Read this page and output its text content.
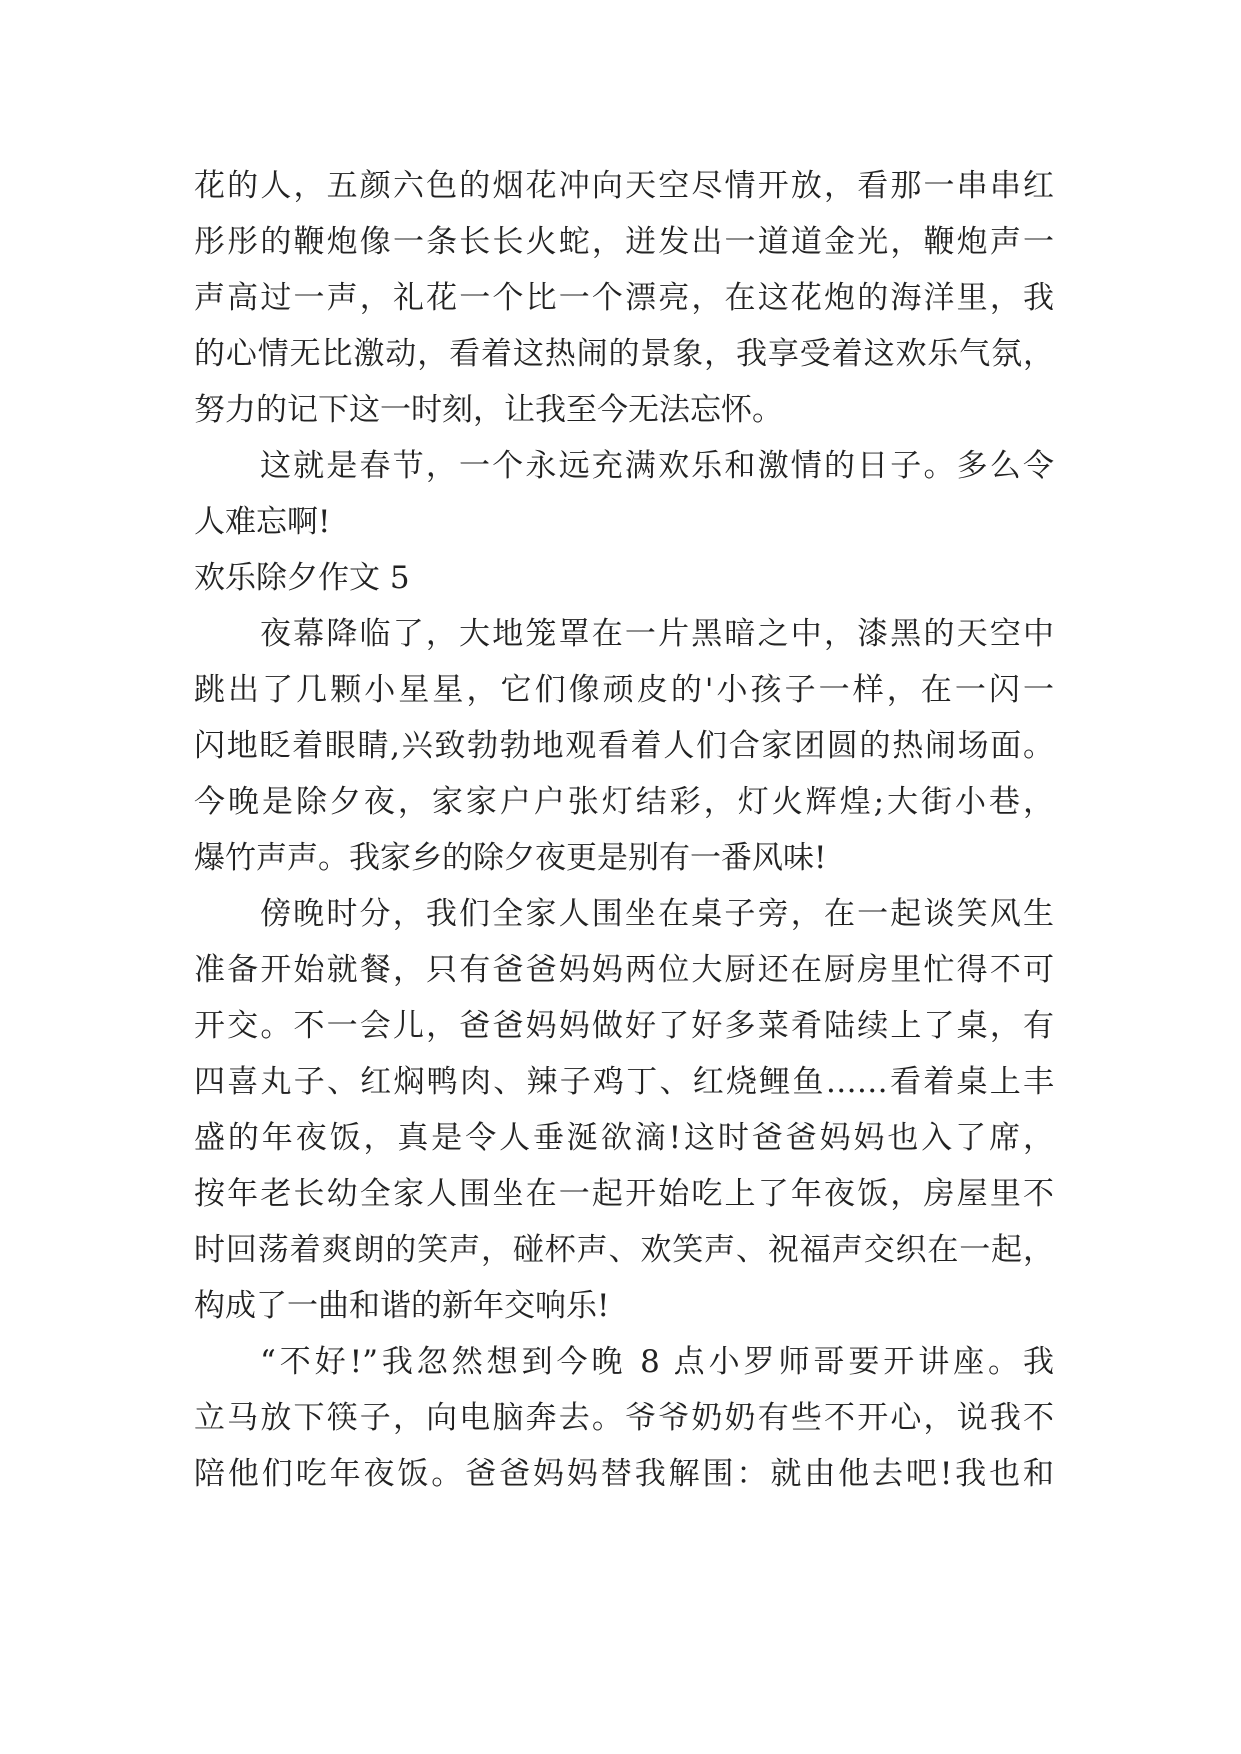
花的人，五颜六色的烟花冲向天空尽情开放，看那一串串红
彤彤的鞭炮像一条长长火蛇，迸发出一道道金光，鞭炮声一
声高过一声，礼花一个比一个漂亮，在这花炮的海洋里，我
的心情无比激动，看着这热闹的景象，我享受着这欢乐气氛，
努力的记下这一时刻，让我至今无法忘怀。
这就是春节，一个永远充满欢乐和激情的日子。多么令
人难忘啊!
欢乐除夕作文 5
夜幕降临了，大地笼罩在一片黑暗之中，漆黑的天空中
跳出了几颗小星星，它们像顽皮的'小孩子一样，在一闪一
闪地眨着眼睛,兴致勃勃地观看着人们合家团圆的热闹场面。
今晚是除夕夜，家家户户张灯结彩，灯火辉煌;大街小巷，
爆竹声声。我家乡的除夕夜更是别有一番风味!
傍晚时分，我们全家人围坐在桌子旁，在一起谈笑风生
准备开始就餐，只有爸爸妈妈两位大厨还在厨房里忙得不可
开交。不一会儿，爸爸妈妈做好了好多菜肴陆续上了桌，有
四喜丸子、红焖鸭肉、辣子鸡丁、红烧鲤鱼……看着桌上丰
盛的年夜饭，真是令人垂涎欲滴!这时爸爸妈妈也入了席，
按年老长幼全家人围坐在一起开始吃上了年夜饭，房屋里不
时回荡着爽朗的笑声，碰杯声、欢笑声、祝福声交织在一起，
构成了一曲和谐的新年交响乐!
“不好!”我忽然想到今晚 8 点小罗师哥要开讲座。我
立马放下筷子，向电脑奔去。爷爷奶奶有些不开心，说我不
陪他们吃年夜饭。爸爸妈妈替我解围：就由他去吧!我也和
